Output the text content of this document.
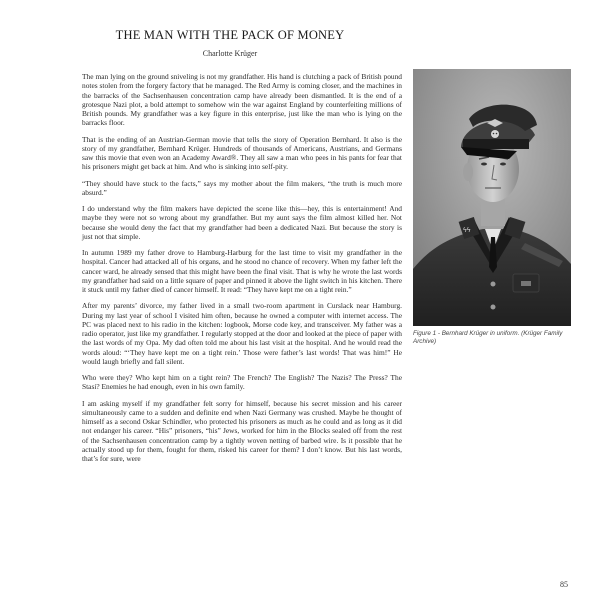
THE MAN WITH THE PACK OF MONEY
Charlotte Krüger

The man lying on the ground sniveling is not my grandfather. His hand is clutching a pack of British pound notes stolen from the forgery factory that he managed. The Red Army is coming closer, and the machines in the barracks of the Sachsenhausen concentration camp have already been dismantled. It is the end of a grotesque Nazi plot, a bold attempt to somehow win the war against England by counterfeiting millions of British pounds. My grandfather was a key figure in this enterprise, just like the man who is lying on the barracks floor.

That is the ending of an Austrian-German movie that tells the story of Operation Bernhard. It also is the story of my grandfather, Bernhard Krüger. Hundreds of thousands of Americans, Austrians, and Germans saw this movie that even won an Academy Award®. They all saw a man who pees in his pants for fear that his prisoners might get back at him. And who is sinking into self-pity.

“They should have stuck to the facts,” says my mother about the film makers, “the truth is much more absurd.”

I do understand why the film makers have depicted the scene like this—hey, this is entertainment! And maybe they were not so wrong about my grandfather. But my aunt says the film almost killed her. Not because she would deny the fact that my grandfather had been a dedicated Nazi. But because the story is just not that simple.

In autumn 1989 my father drove to Hamburg-Harburg for the last time to visit my grandfather in the hospital. Cancer had attacked all of his organs, and he stood no chance of recovery. When my father left the cancer ward, he already sensed that this might have been the final visit. That is why he wrote the last words my grandfather had said on a little square of paper and pinned it above the light switch in his kitchen. There it stuck until my father died of cancer himself. It read: “They have kept me on a tight rein.”

After my parents’ divorce, my father lived in a small two-room apartment in Curslack near Hamburg. During my last year of school I visited him often, because he owned a computer with internet access. The PC was placed next to his radio in the kitchen: logbook, Morse code key, and transceiver. My father was a radio operator, just like my grandfather. I regularly stopped at the door and looked at the piece of paper with the last words of my Opa. My dad often told me about his last visit at the hospital. And he would read the words aloud: “‘They have kept me on a tight rein.’ Those were father’s last words! That was him!” He would laugh briefly and fall silent.

Who were they? Who kept him on a tight rein? The French? The English? The Nazis? The Press? The Stasi? Enemies he had enough, even in his own family.

I am asking myself if my grandfather felt sorry for himself, because his secret mission and his career simultaneously came to a sudden and definite end when Nazi Germany was crushed. Maybe he thought of himself as a second Oskar Schindler, who protected his prisoners as much as he could and as long as it did not endanger his career. “His” prisoners, “his” Jews, worked for him in the Blocks sealed off from the rest of the Sachsenhausen concentration camp by a tightly woven netting of barbed wire. Is it possible that he actually stood up for them, fought for them, risked his career for them? I don’t know. But his last words, that’s for sure, were

ϟϟ
Figure 1 - Bernhard Krüger in uniform. (Krüger Family Archive)
85
